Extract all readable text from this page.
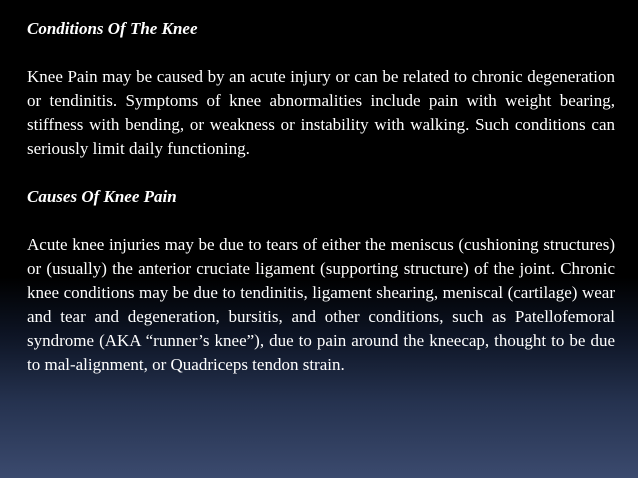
Conditions Of The Knee

Knee Pain may be caused by an acute injury or can be related to chronic degeneration or tendinitis. Symptoms of knee abnormalities include pain with weight bearing, stiffness with bending, or weakness or instability with walking. Such conditions can seriously limit daily functioning.

Causes Of Knee Pain

Acute knee injuries may be due to tears of either the meniscus (cushioning structures) or (usually) the anterior cruciate ligament (supporting structure) of the joint. Chronic knee conditions may be due to tendinitis, ligament shearing, meniscal (cartilage) wear and tear and degeneration, bursitis, and other conditions, such as Patellofemoral syndrome (AKA “runner’s knee”), due to pain around the kneecap, thought to be due to mal-alignment, or Quadriceps tendon strain.
